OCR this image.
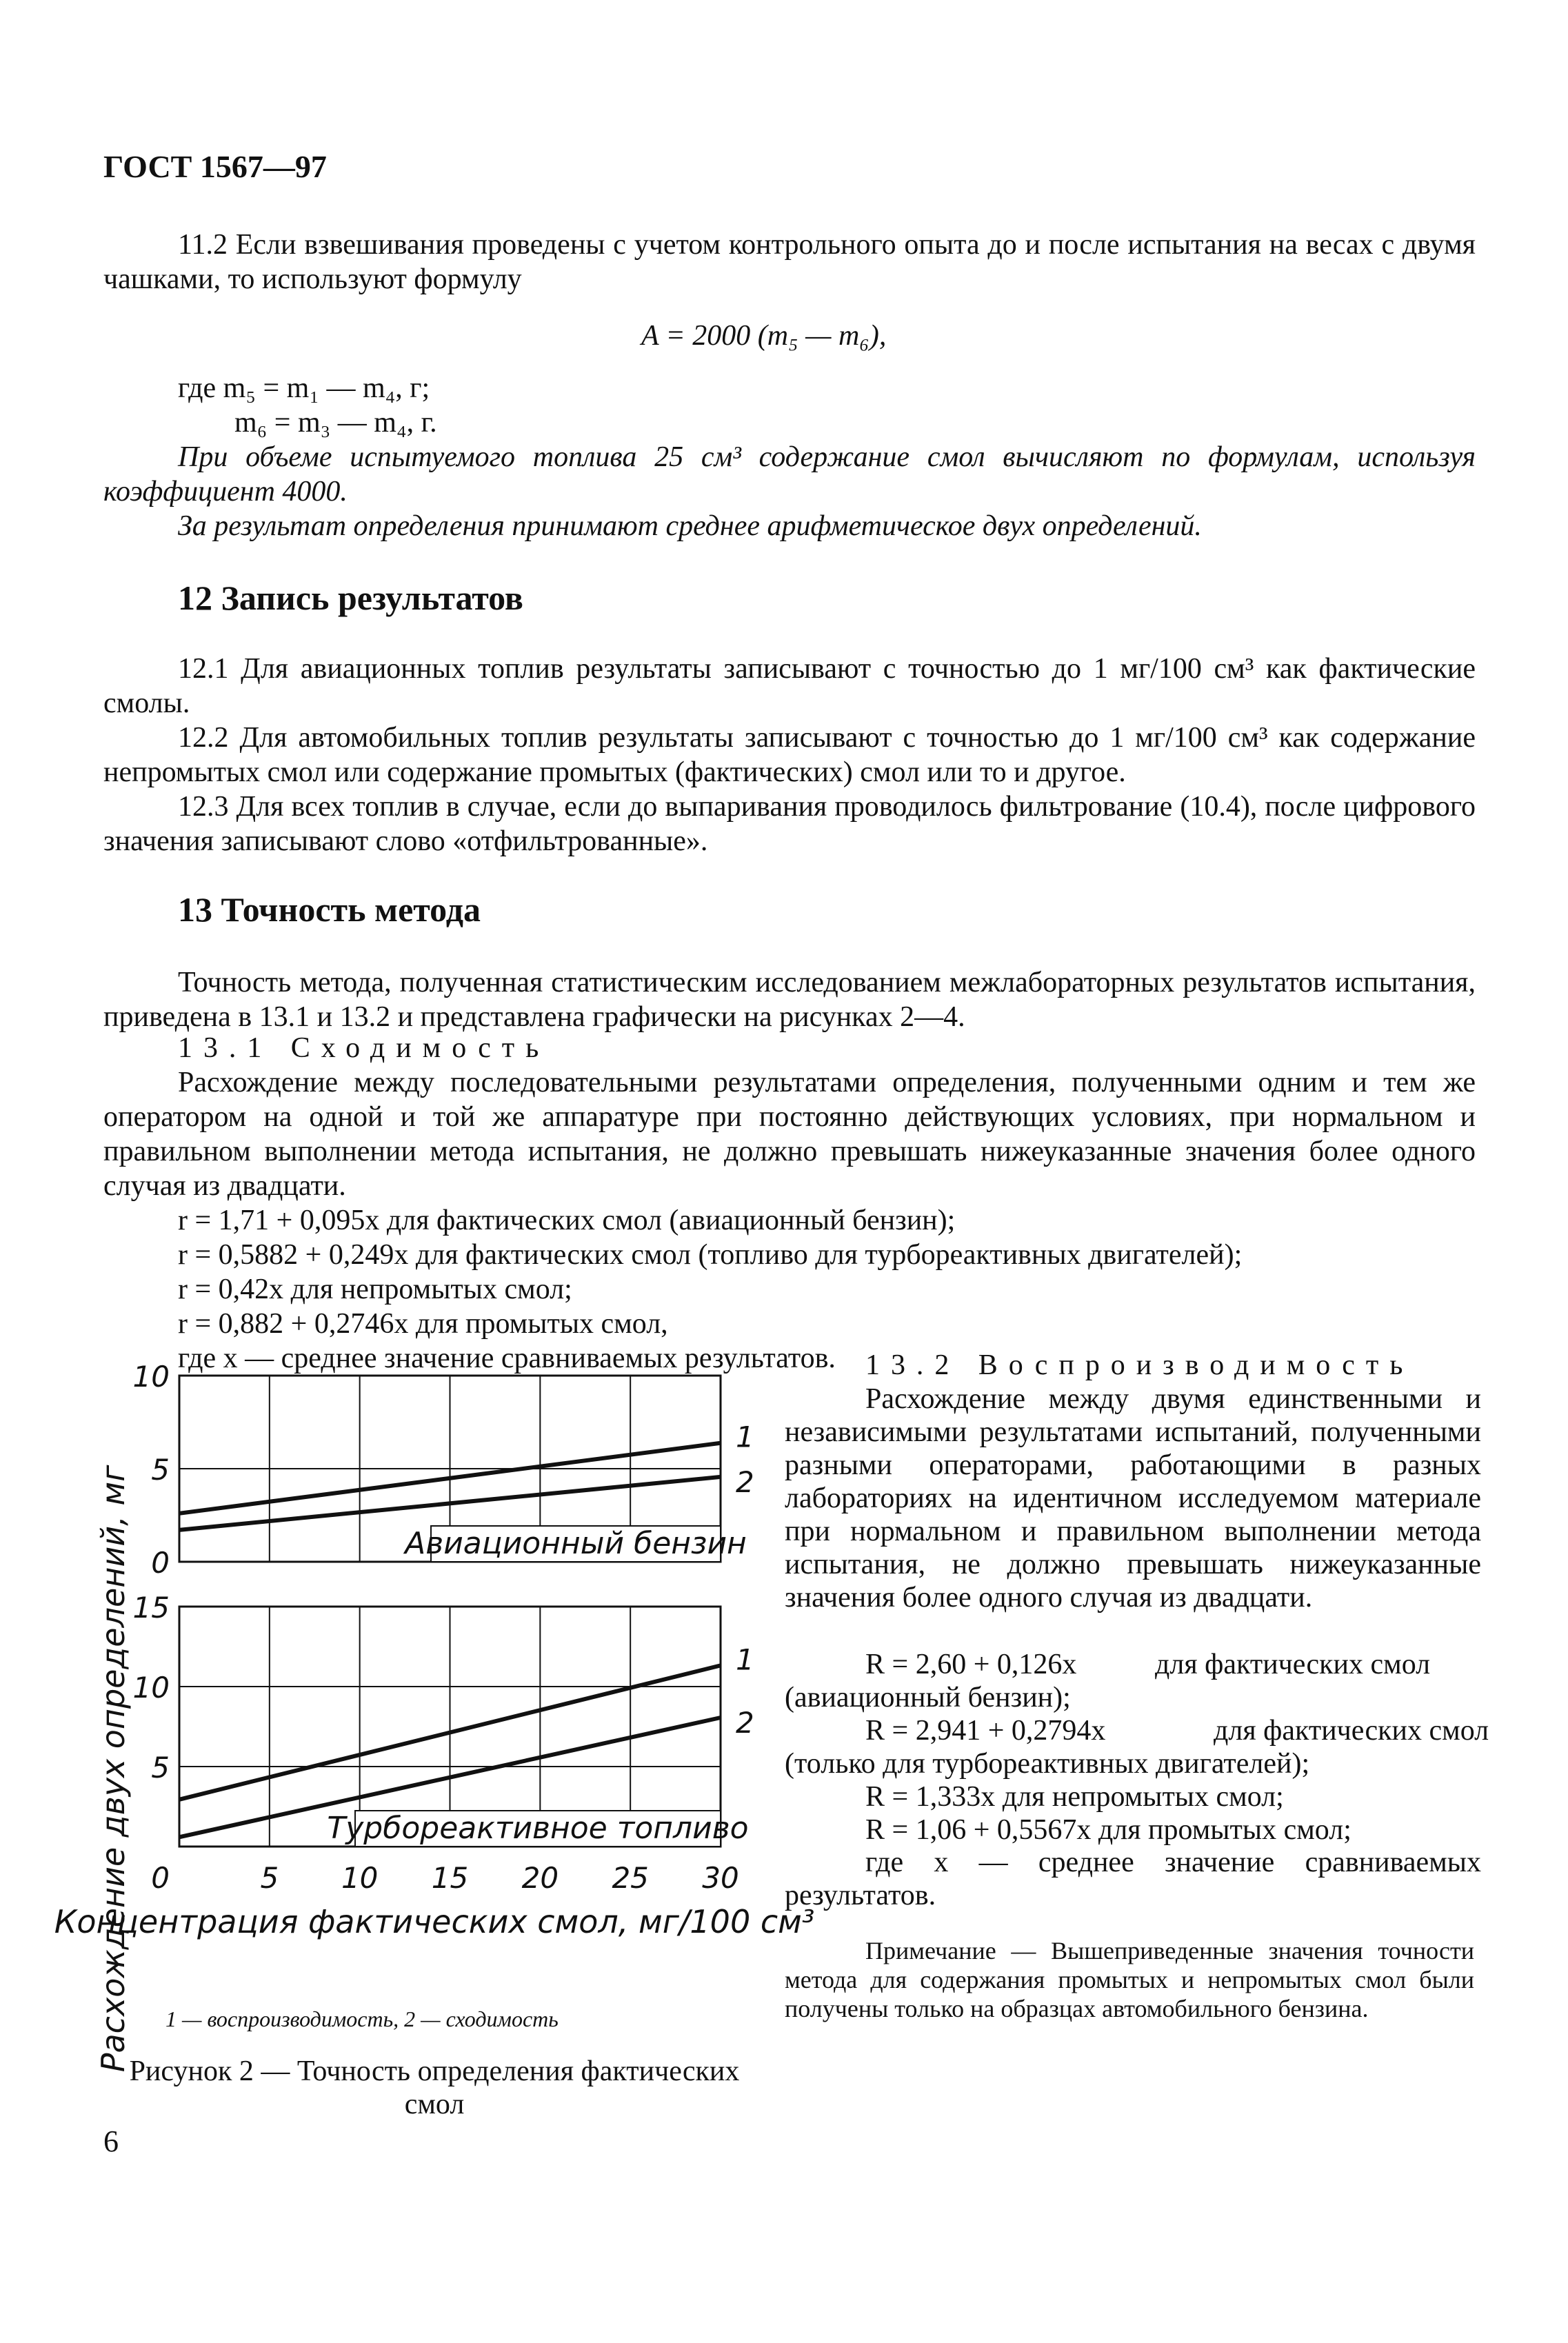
ГОСТ 1567—97

11.2 Если взвешивания проведены с учетом контрольного опыта до и после испытания на весах с двумя чашками, то используют формулу

A = 2000 (m₅ — m₆),
где m₅ = m₁ — m₄, г;
m₆ = m₃ — m₄, г.

При объеме испытуемого топлива 25 см³ содержание смол вычисляют по формулам, используя коэффициент 4000.

За результат определения принимают среднее арифметическое двух определений.

12 Запись результатов

12.1 Для авиационных топлив результаты записывают с точностью до 1 мг/100 см³ как фактические смолы.

12.2 Для автомобильных топлив результаты записывают с точностью до 1 мг/100 см³ как содержание непромытых смол или содержание промытых (фактических) смол или то и другое.

12.3 Для всех топлив в случае, если до выпаривания проводилось фильтрование (10.4), после цифрового значения записывают слово «отфильтрованные».

13 Точность метода

Точность метода, полученная статистическим исследованием межлабораторных результатов испытания, приведена в 13.1 и 13.2 и представлена графически на рисунках 2—4.

13.1 Сходимость

Расхождение между последовательными результатами определения, полученными одним и тем же оператором на одной и той же аппаратуре при постоянно действующих условиях, при нормальном и правильном выполнении метода испытания, не должно превышать нижеуказанные значения более одного случая из двадцати.

r = 1,71 + 0,095x для фактических смол (авиационный бензин);
r = 0,5882 + 0,249x для фактических смол (топливо для турбореактивных двигателей);
r = 0,42x для непромытых смол;
r = 0,882 + 0,2746x для промытых смол,
где x — среднее значение сравниваемых результатов.
Расхождение двух определений, мг	Авиационный бензин
1
2
0
5
10
Турбореактивное топливо
1
2
5
10
15
0	5 10 15 20 25 30
Концентрация фактических смол, мг/100 см³
1 — воспроизводимость, 2 — сходимость
Рисунок 2 — Точность определения фактических смол
13.2 Воспроизводимость

Расхождение между двумя единственными и независимыми результатами испытаний, полученными разными операторами, работающими в разных лабораториях на идентичном исследуемом материале при нормальном и правильном выполнении метода испытания, не должно превышать нижеуказанные значения более одного случая из двадцати.

R = 2,60 + 0,126x	для фактических смол
(авиационный бензин);
R = 2,941 + 0,2794x	для фактических смол
(только для турбореактивных двигателей);
R = 1,333x для непромытых смол;
R = 1,06 + 0,5567x для промытых смол;

где x — среднее значение сравниваемых результатов.

Примечание — Вышеприведенные значения точности метода для содержания промытых и непромытых смол были получены только на образцах автомобильного бензина.

6
